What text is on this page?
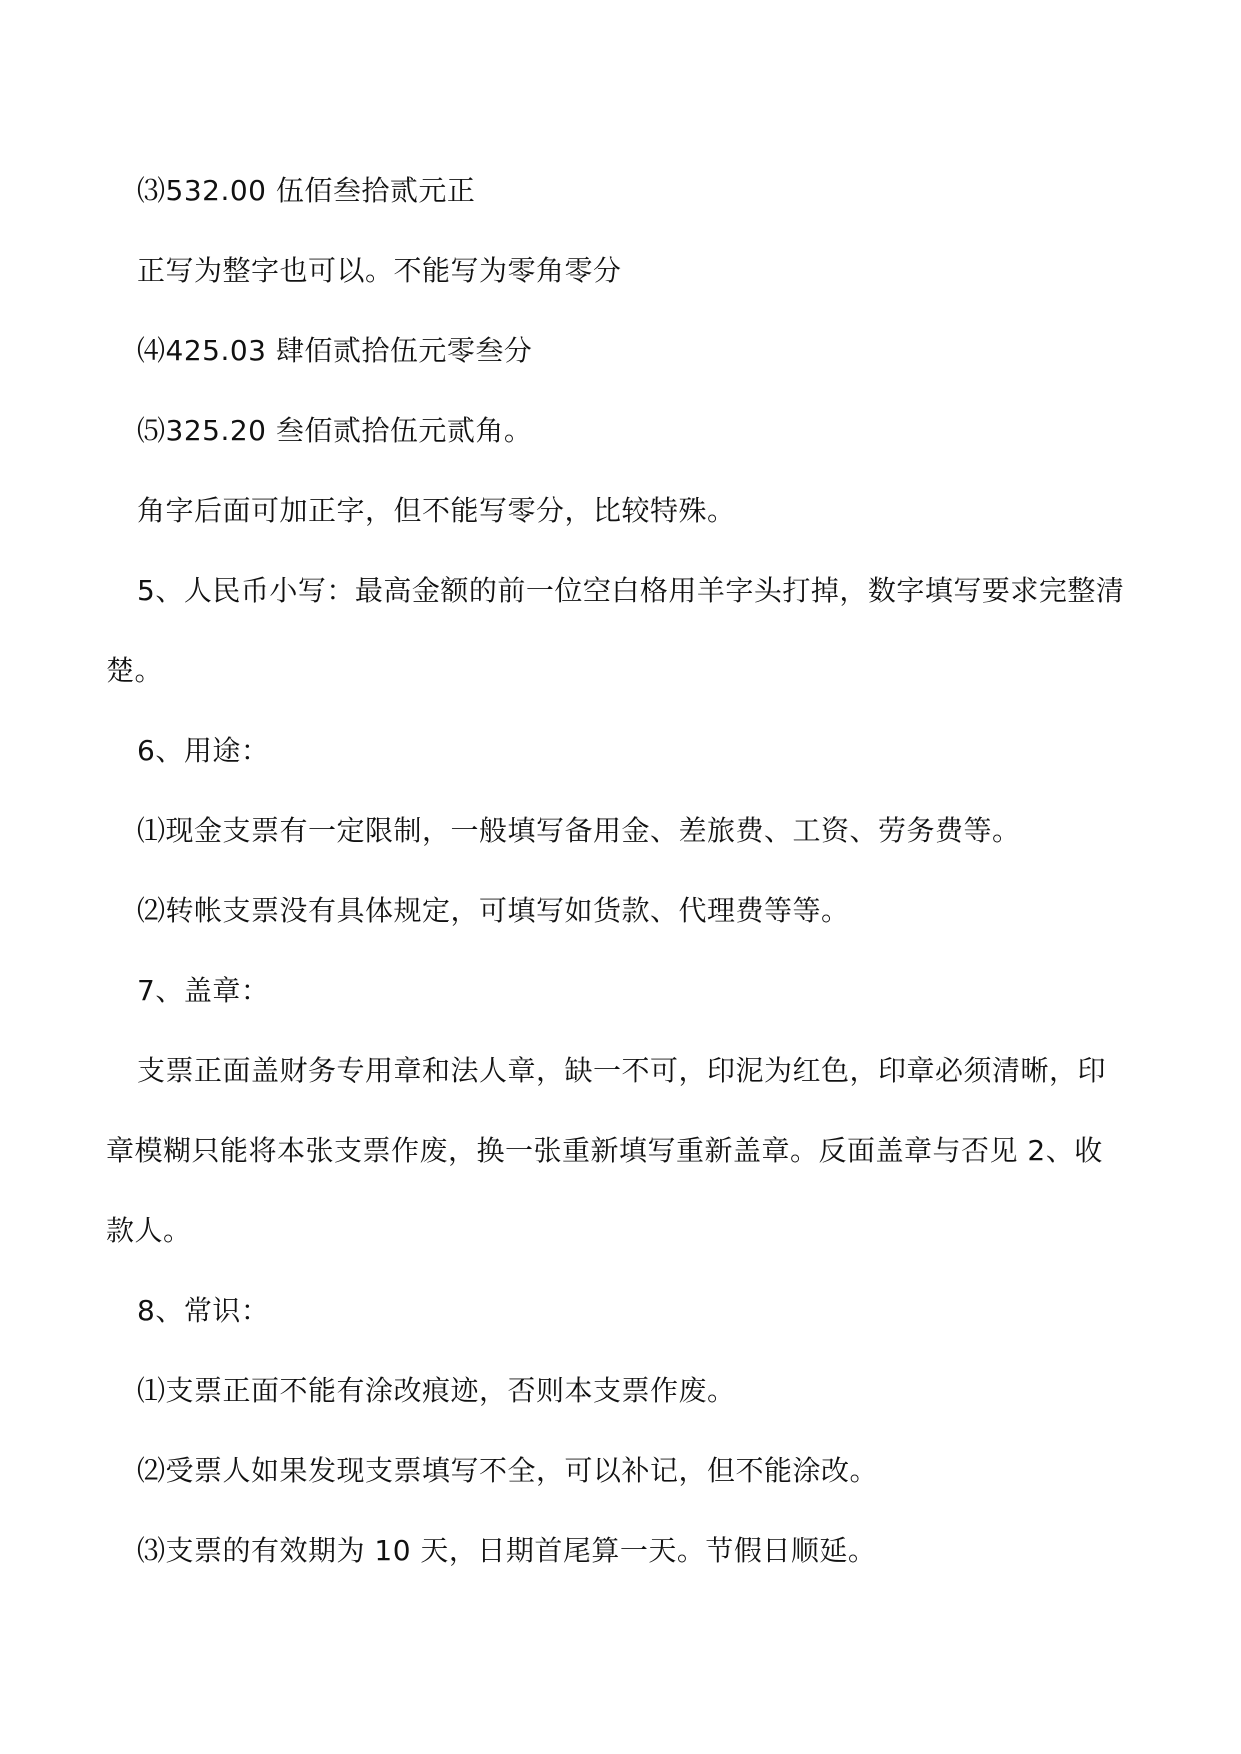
⑶532.00 伍佰叁拾贰元正
正写为整字也可以。不能写为零角零分
⑷425.03 肆佰贰拾伍元零叁分
⑸325.20 叁佰贰拾伍元贰角。
角字后面可加正字，但不能写零分，比较特殊。
5、人民币小写：最高金额的前一位空白格用羊字头打掉，数字填写要求完整清
楚。
6、用途：
⑴现金支票有一定限制，一般填写备用金、差旅费、工资、劳务费等。
⑵转帐支票没有具体规定，可填写如货款、代理费等等。
7、盖章：
支票正面盖财务专用章和法人章，缺一不可，印泥为红色，印章必须清晰，印
章模糊只能将本张支票作废，换一张重新填写重新盖章。反面盖章与否见 2、收
款人。
8、常识：
⑴支票正面不能有涂改痕迹，否则本支票作废。
⑵受票人如果发现支票填写不全，可以补记，但不能涂改。
⑶支票的有效期为 10 天，日期首尾算一天。节假日顺延。
